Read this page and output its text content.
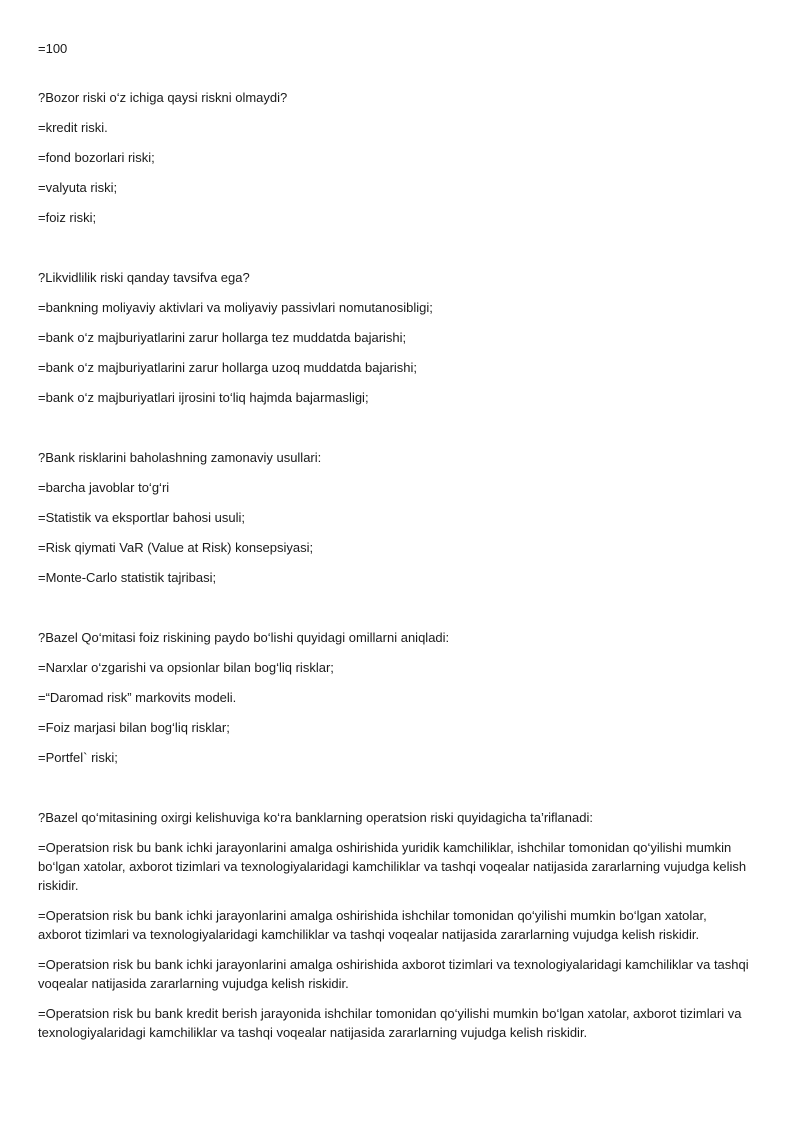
=100

?Bozor riski o‘z ichiga qaysi riskni olmaydi?

=kredit riski.

=fond bozorlari riski;

=valyuta riski;

=foiz riski;

?Likvidlilik riski qanday tavsifva ega?

=bankning moliyaviy aktivlari va moliyaviy passivlari nomutanosibligi;

=bank o‘z majburiyatlarini zarur hollarga tez muddatda bajarishi;

=bank o‘z majburiyatlarini zarur hollarga uzoq muddatda bajarishi;

=bank o‘z majburiyatlari ijrosini to‘liq hajmda bajarmasligi;

?Bank risklarini baholashning zamonaviy usullari:

=barcha javoblar to‘g‘ri

=Statistik va eksportlar bahosi usuli;

=Risk qiymati VaR (Value at Risk) konsepsiyasi;

=Monte-Carlo statistik tajribasi;

?Bazel Qo‘mitasi foiz riskining paydo bo‘lishi quyidagi omillarni aniqladi:

=Narxlar o‘zgarishi va opsionlar bilan bog‘liq risklar;

=“Daromad risk” markovits modeli.

=Foiz marjasi bilan bog‘liq risklar;

=Portfel` riski;

?Bazel qo‘mitasining oxirgi kelishuviga ko‘ra banklarning operatsion riski quyidagicha ta’riflanadi:

=Operatsion risk bu bank ichki jarayonlarini amalga oshirishida yuridik kamchiliklar, ishchilar tomonidan qo‘yilishi mumkin bo‘lgan xatolar, axborot tizimlari va texnologiyalaridagi kamchiliklar va tashqi voqealar natijasida zararlarning vujudga kelish riskidir.

=Operatsion risk bu bank ichki jarayonlarini amalga oshirishida ishchilar tomonidan qo‘yilishi mumkin bo‘lgan xatolar, axborot tizimlari va texnologiyalaridagi kamchiliklar va tashqi voqealar natijasida zararlarning vujudga kelish riskidir.

=Operatsion risk bu bank ichki jarayonlarini amalga oshirishida axborot tizimlari va texnologiyalaridagi kamchiliklar va tashqi voqealar natijasida zararlarning vujudga kelish riskidir.

=Operatsion risk bu bank kredit berish jarayonida ishchilar tomonidan qo‘yilishi mumkin bo‘lgan xatolar, axborot tizimlari va texnologiyalaridagi kamchiliklar va tashqi voqealar natijasida zararlarning vujudga kelish riskidir.
